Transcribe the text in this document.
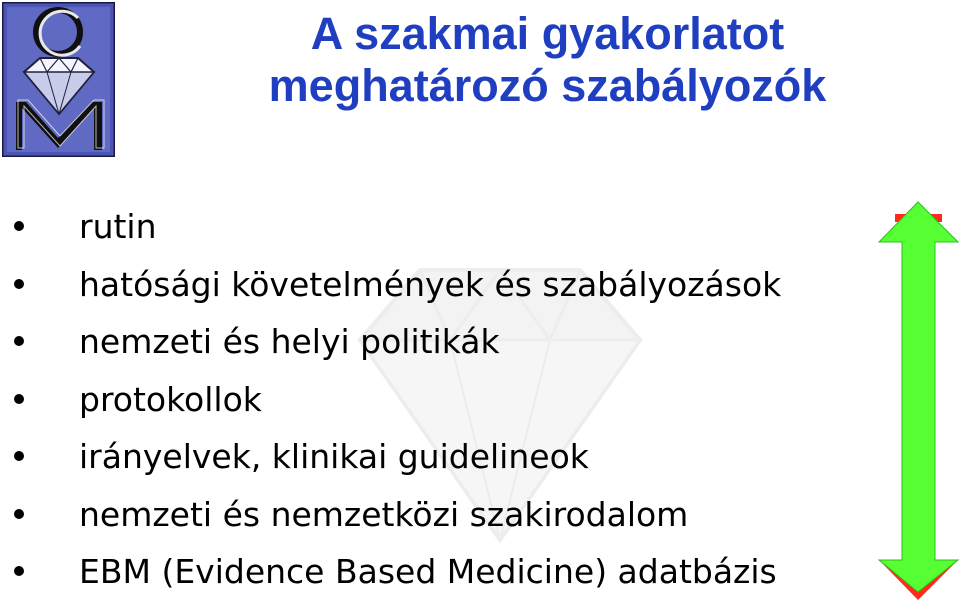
A szakmai gyakorlatot
meghatározó szabályozók
rutin
hatósági követelmények és szabályozások
nemzeti és helyi politikák
protokollok
irányelvek, klinikai guidelineok
nemzeti és nemzetközi szakirodalom
EBM (Evidence Based Medicine) adatbázis
